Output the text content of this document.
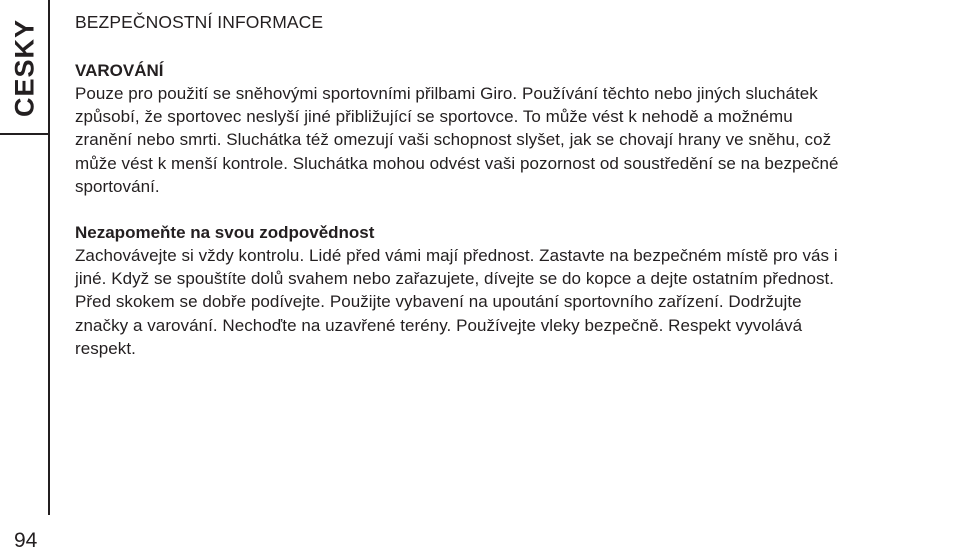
CESKY
94
BEZPEČNOSTNÍ INFORMACE
VAROVÁNÍ

Pouze pro použití se sněhovými sportovními přilbami Giro. Používání těchto nebo jiných sluchátek

způsobí, že sportovec neslyší jiné přibližující se sportovce. To může vést k nehodě a možnému

zranění nebo smrti. Sluchátka též omezují vaši schopnost slyšet, jak se chovají hrany ve sněhu, což

může vést k menší kontrole. Sluchátka mohou odvést vaši pozornost od soustředění se na bezpečné

sportování.

Nezapomeňte na svou zodpovědnost

Zachovávejte si vždy kontrolu. Lidé před vámi mají přednost. Zastavte na bezpečném místě pro vás i

jiné. Když se spouštíte dolů svahem nebo zařazujete, dívejte se do kopce a dejte ostatním přednost.

Před skokem se dobře podívejte. Použijte vybavení na upoutání sportovního zařízení. Dodržujte

značky a varování. Nechoďte na uzavřené terény. Používejte vleky bezpečně. Respekt vyvolává

respekt.
